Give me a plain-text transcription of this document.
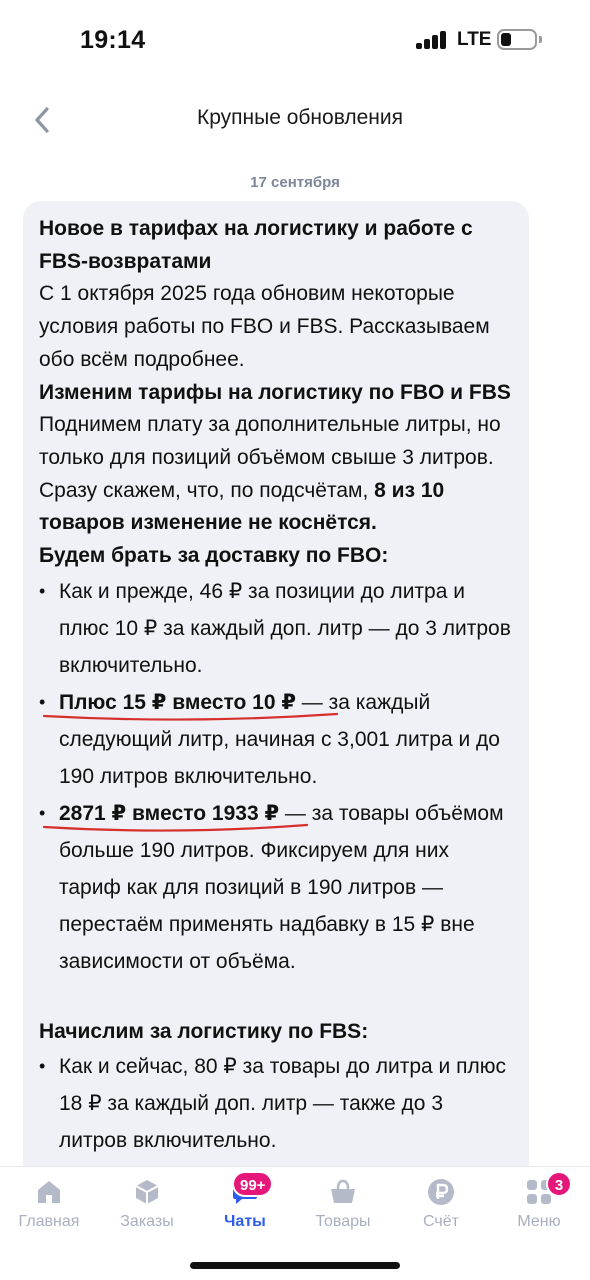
19:14	LTE
Крупные обновления
17 сентября

Новое в тарифах на логистику и работе с FBS-возвратами

С 1 октября 2025 года обновим некоторые условия работы по FBO и FBS. Рассказываем обо всём подробнее.

Изменим тарифы на логистику по FBO и FBS

Поднимем плату за дополнительные литры, но только для позиций объёмом свыше 3 литров. Сразу скажем, что, по подсчётам, 8 из 10 товаров изменение не коснётся.

Будем брать за доставку по FBO:

• Как и прежде, 46 ₽ за позиции до литра и плюс 10 ₽ за каждый доп. литр — до 3 литров включительно.
• Плюс 15 ₽ вместо 10 ₽
— за каждый следующий литр, начиная с 3,001 литра и до 190 литров включительно.
• 2871 ₽ вместо 1933 ₽
— за товары объёмом больше 190 литров. Фиксируем для них тариф как для позиций в 190 литров — перестаём применять надбавку в 15 ₽ вне зависимости от объёма.

Начислим за логистику по FBS:

• Как и сейчас, 80 ₽ за товары до литра и плюс 18 ₽ за каждый доп. литр — также до 3 литров включительно.
Главная	Заказы	Чаты
99+
Товары	Счёт	Меню
3
